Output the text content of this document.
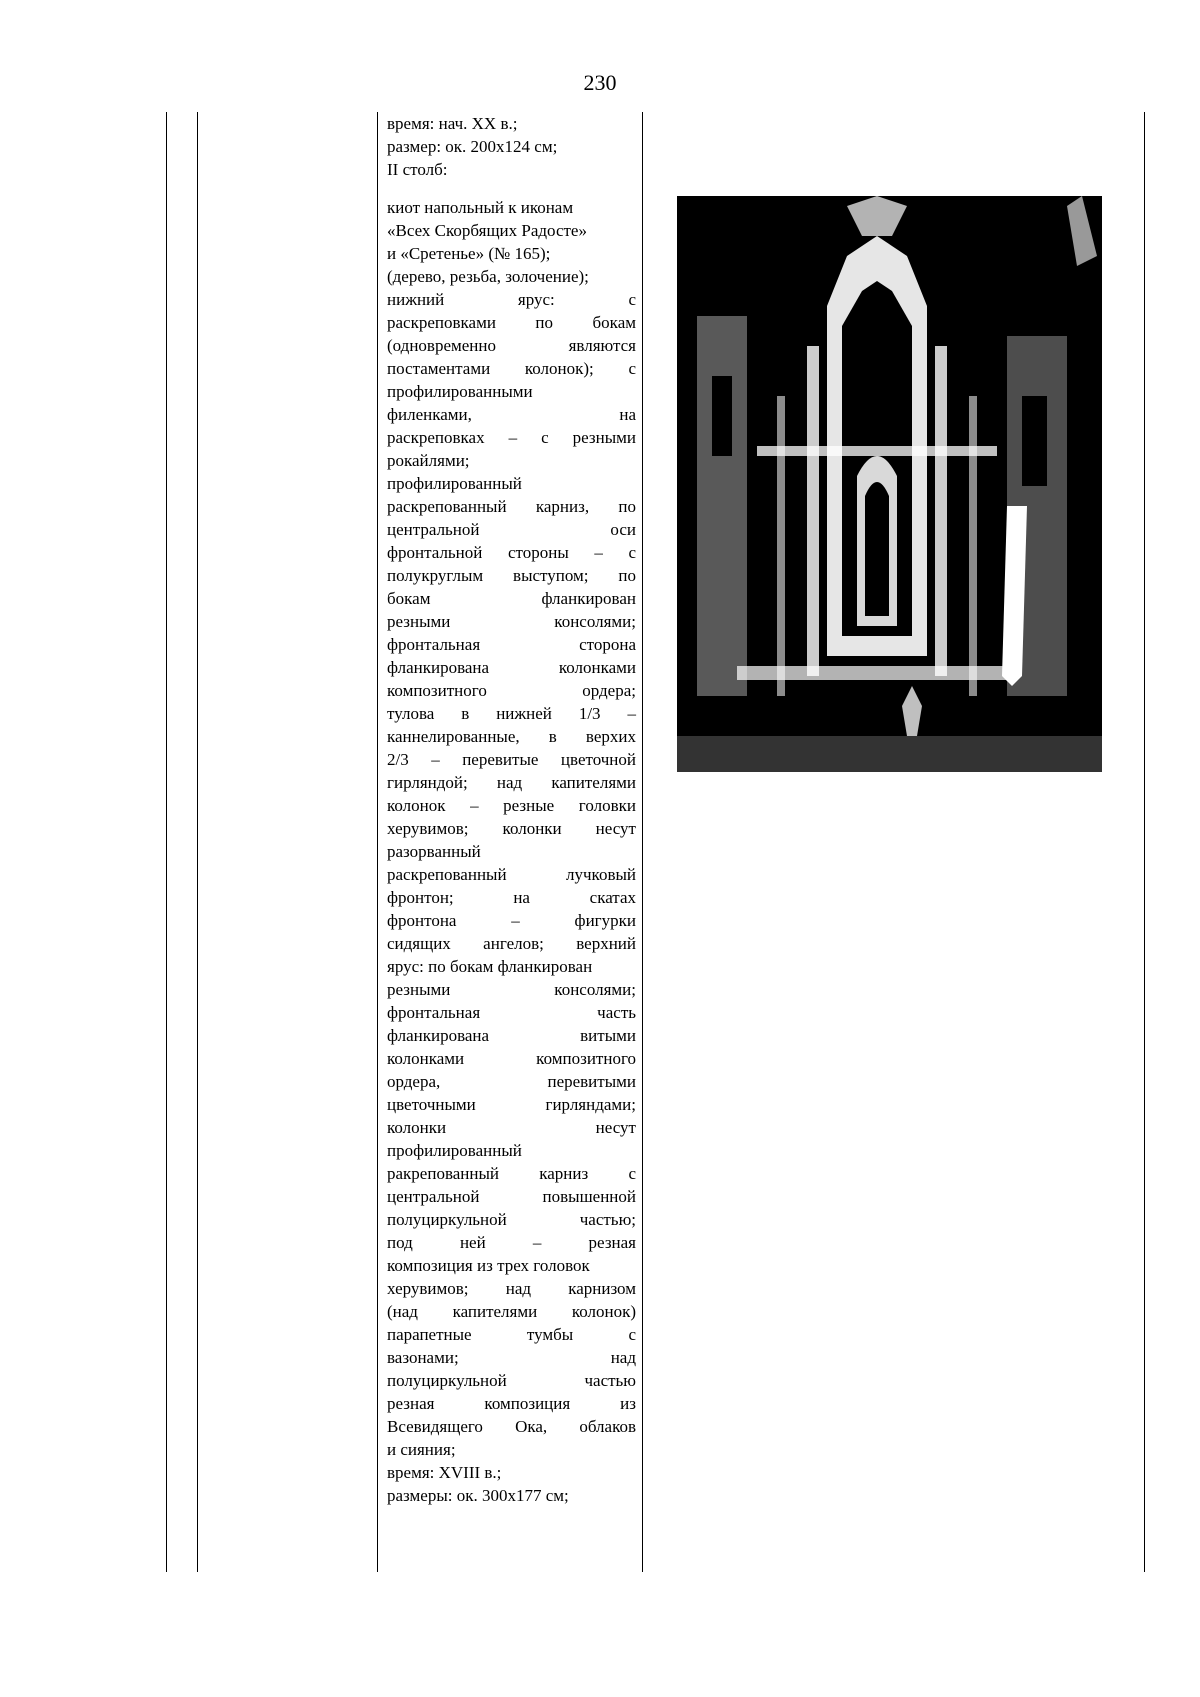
230

время: нач. XX в.;

размер: ок. 200х124 см;

II столб:

киот напольный к иконам

«Всех Скорбящих Радосте»

и «Сретенье» (№ 165);

(дерево, резьба, золочение);

нижний ярус: с

раскреповками по бокам

(одновременно являются

постаментами колонок); с

профилированными

филенками, на

раскреповках – с резными

рокайлями;

профилированный

раскрепованный карниз, по

центральной оси

фронтальной стороны – с

полукруглым выступом; по

бокам фланкирован

резными консолями;

фронтальная сторона

фланкирована колонками

композитного ордера;

тулова в нижней 1/3 –

каннелированные, в верхих

2/3 – перевитые цветочной

гирляндой; над капителями

колонок – резные головки

херувимов; колонки несут

разорванный

раскрепованный лучковый

фронтон; на скатах

фронтона – фигурки

сидящих ангелов; верхний

ярус: по бокам фланкирован

резными консолями;

фронтальная часть

фланкирована витыми

колонками композитного

ордера, перевитыми

цветочными гирляндами;

колонки несут

профилированный

ракрепованный карниз с

центральной повышенной

полуциркульной частью;

под ней – резная

композиция из трех головок

херувимов; над карнизом

(над капителями колонок)

парапетные тумбы с

вазонами; над

полуциркульной частью

резная композиция из

Всевидящего Ока, облаков

и сияния;

время: XVIII в.;

размеры: ок. 300х177 см;
